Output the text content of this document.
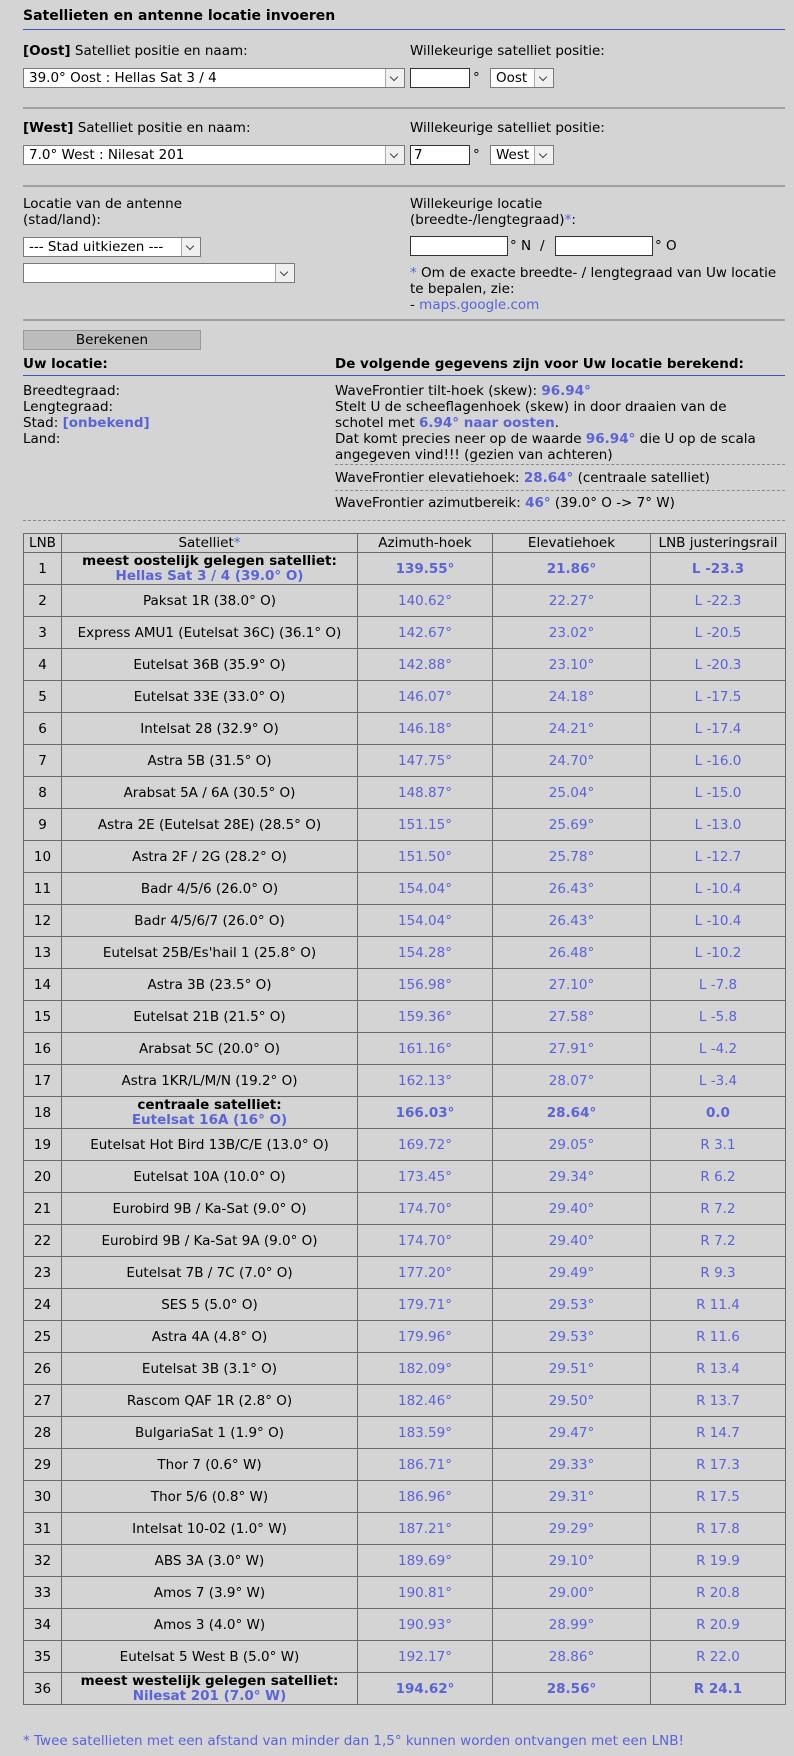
Satellieten en antenne locatie invoeren
[Oost] Satelliet positie en naam:
39.0° Oost : Hellas Sat 3 / 4
Willekeurige satelliet positie:
°	Oost
[West] Satelliet positie en naam:
7.0° West : Nilesat 201
Willekeurige satelliet positie:
7	°	West
Locatie van de antenne
(stad/land):
--- Stad uitkiezen ---
Willekeurige locatie
(breedte-/lengtegraad)*:
° N /	° O
* Om de exacte breedte- / lengtegraad van Uw locatie
te bepalen, zie:
- maps.google.com
Berekenen
Uw locatie:	De volgende gegevens zijn voor Uw locatie berekend:
Breedtegraad:
Lengtegraad:
Stad: [onbekend]
Land:
WaveFrontier tilt-hoek (skew): 96.94°
Stelt U de scheeflagenhoek (skew) in door draaien van de
schotel met 6.94° naar oosten.
Dat komt precies neer op de waarde 96.94° die U op de scala
angegeven vind!!! (gezien van achteren)
WaveFrontier elevatiehoek: 28.64° (centraale satelliet)
WaveFrontier azimutbereik: 46° (39.0° O -> 7° W)
LNB	Satelliet*	Azimuth-hoek	Elevatiehoek	LNB justeringsrail
1	meest oostelijk gelegen satelliet:
Hellas Sat 3 / 4 (39.0° O)	139.55°	21.86°	L -23.3
2	Paksat 1R (38.0° O)	140.62°	22.27°	L -22.3
3	Express AMU1 (Eutelsat 36C) (36.1° O)	142.67°	23.02°	L -20.5
4	Eutelsat 36B (35.9° O)	142.88°	23.10°	L -20.3
5	Eutelsat 33E (33.0° O)	146.07°	24.18°	L -17.5
6	Intelsat 28 (32.9° O)	146.18°	24.21°	L -17.4
7	Astra 5B (31.5° O)	147.75°	24.70°	L -16.0
8	Arabsat 5A / 6A (30.5° O)	148.87°	25.04°	L -15.0
9	Astra 2E (Eutelsat 28E) (28.5° O)	151.15°	25.69°	L -13.0
10	Astra 2F / 2G (28.2° O)	151.50°	25.78°	L -12.7
11	Badr 4/5/6 (26.0° O)	154.04°	26.43°	L -10.4
12	Badr 4/5/6/7 (26.0° O)	154.04°	26.43°	L -10.4
13	Eutelsat 25B/Es'hail 1 (25.8° O)	154.28°	26.48°	L -10.2
14	Astra 3B (23.5° O)	156.98°	27.10°	L -7.8
15	Eutelsat 21B (21.5° O)	159.36°	27.58°	L -5.8
16	Arabsat 5C (20.0° O)	161.16°	27.91°	L -4.2
17	Astra 1KR/L/M/N (19.2° O)	162.13°	28.07°	L -3.4
18	centraale satelliet:
Eutelsat 16A (16° O)	166.03°	28.64°	0.0
19	Eutelsat Hot Bird 13B/C/E (13.0° O)	169.72°	29.05°	R 3.1
20	Eutelsat 10A (10.0° O)	173.45°	29.34°	R 6.2
21	Eurobird 9B / Ka-Sat (9.0° O)	174.70°	29.40°	R 7.2
22	Eurobird 9B / Ka-Sat 9A (9.0° O)	174.70°	29.40°	R 7.2
23	Eutelsat 7B / 7C (7.0° O)	177.20°	29.49°	R 9.3
24	SES 5 (5.0° O)	179.71°	29.53°	R 11.4
25	Astra 4A (4.8° O)	179.96°	29.53°	R 11.6
26	Eutelsat 3B (3.1° O)	182.09°	29.51°	R 13.4
27	Rascom QAF 1R (2.8° O)	182.46°	29.50°	R 13.7
28	BulgariaSat 1 (1.9° O)	183.59°	29.47°	R 14.7
29	Thor 7 (0.6° W)	186.71°	29.33°	R 17.3
30	Thor 5/6 (0.8° W)	186.96°	29.31°	R 17.5
31	Intelsat 10-02 (1.0° W)	187.21°	29.29°	R 17.8
32	ABS 3A (3.0° W)	189.69°	29.10°	R 19.9
33	Amos 7 (3.9° W)	190.81°	29.00°	R 20.8
34	Amos 3 (4.0° W)	190.93°	28.99°	R 20.9
35	Eutelsat 5 West B (5.0° W)	192.17°	28.86°	R 22.0
36	meest westelijk gelegen satelliet:
Nilesat 201 (7.0° W)	194.62°	28.56°	R 24.1
* Twee satellieten met een afstand van minder dan 1,5° kunnen worden ontvangen met een LNB!
